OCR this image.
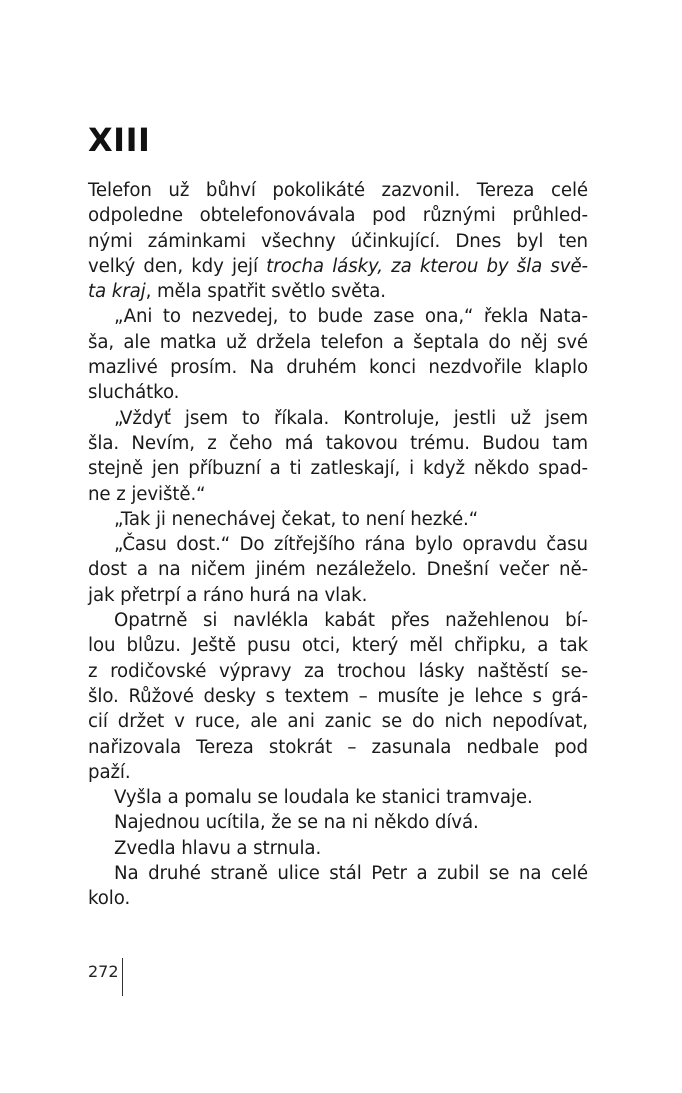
XIII
Telefon už bůhví pokolikáté zazvonil. Tereza celé
odpoledne obtelefonovávala pod různými průhled-
nými záminkami všechny účinkující. Dnes byl ten
velký den, kdy její trocha lásky, za kterou by šla svě-
ta kraj, měla spatřit světlo světa.
„Ani to nezvedej, to bude zase ona,“ řekla Nata-
ša, ale matka už držela telefon a šeptala do něj své
mazlivé prosím. Na druhém konci nezdvořile klaplo
sluchátko.
„Vždyť jsem to říkala. Kontroluje, jestli už jsem
šla. Nevím, z čeho má takovou trému. Budou tam
stejně jen příbuzní a ti zatleskají, i když někdo spad-
ne z jeviště.“
„Tak ji nenechávej čekat, to není hezké.“
„Času dost.“ Do zítřejšího rána bylo opravdu času
dost a na ničem jiném nezáleželo. Dnešní večer ně-
jak přetrpí a ráno hurá na vlak.
Opatrně si navlékla kabát přes nažehlenou bí-
lou blůzu. Ještě pusu otci, který měl chřipku, a tak
z rodičovské výpravy za trochou lásky naštěstí se-
šlo. Růžové desky s textem – musíte je lehce s grá-
cií držet v ruce, ale ani zanic se do nich nepodívat,
nařizovala Tereza stokrát – zasunala nedbale pod
paží.
Vyšla a pomalu se loudala ke stanici tramvaje.
Najednou ucítila, že se na ni někdo dívá.
Zvedla hlavu a strnula.
Na druhé straně ulice stál Petr a zubil se na celé
kolo.
272
